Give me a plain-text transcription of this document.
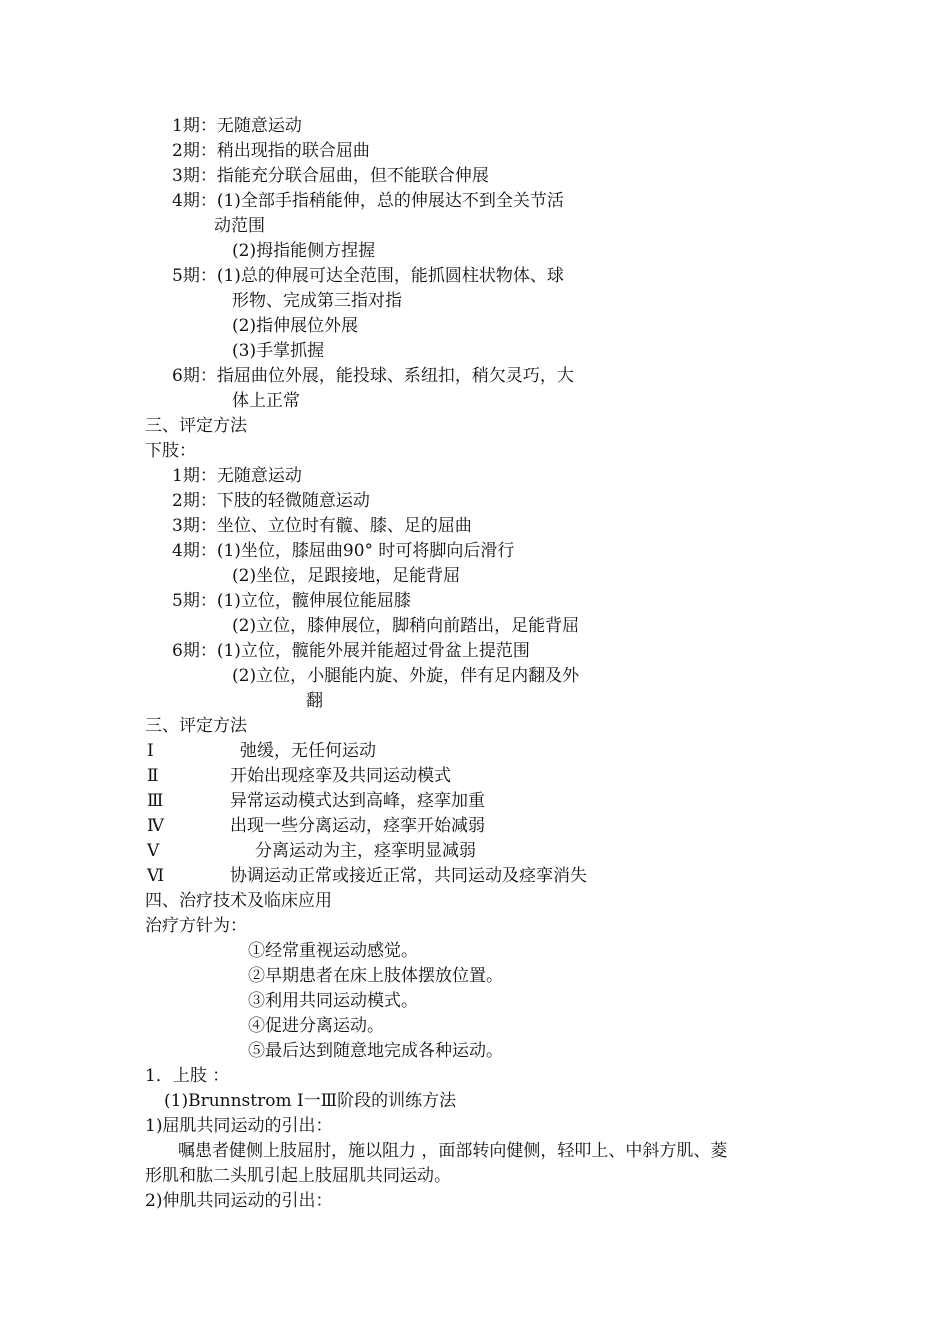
1期：无随意运动
2期：稍出现指的联合屈曲
3期：指能充分联合屈曲，但不能联合伸展
4期：(1)全部手指稍能伸，总的伸展达不到全关节活
动范围
(2)拇指能侧方捏握
5期：(1)总的伸展可达全范围，能抓圆柱状物体、球
形物、完成第三指对指
(2)指伸展位外展
(3)手掌抓握
6期：指屈曲位外展，能投球、系纽扣，稍欠灵巧，大
体上正常
三、评定方法
下肢：
1期：无随意运动
2期：下肢的轻微随意运动
3期：坐位、立位时有髋、膝、足的屈曲
4期：(1)坐位，膝屈曲90° 时可将脚向后滑行
(2)坐位，足跟接地，足能背屈
5期：(1)立位，髋伸展位能屈膝
(2)立位，膝伸展位，脚稍向前踏出，足能背屈
6期：(1)立位，髋能外展并能超过骨盆上提范围
(2)立位，小腿能内旋、外旋，伴有足内翻及外
翻
三、评定方法
Ⅰ	弛缓，无任何运动
Ⅱ	开始出现痉挛及共同运动模式
Ⅲ	异常运动模式达到高峰，痉挛加重
Ⅳ	出现一些分离运动，痉挛开始减弱
Ⅴ	分离运动为主，痉挛明显减弱
Ⅵ	协调运动正常或接近正常，共同运动及痉挛消失
四、治疗技术及临床应用
治疗方针为：
①经常重视运动感觉。
②早期患者在床上肢体摆放位置。
③利用共同运动模式。
④促进分离运动。
⑤最后达到随意地完成各种运动。
1．上肢 ：
(1)Brunnstrom Ⅰ一Ⅲ阶段的训练方法
1)屈肌共同运动的引出：
嘱患者健侧上肢屈肘，施以阻力 ，面部转向健侧，轻叩上、中斜方肌、菱
形肌和肱二头肌引起上肢屈肌共同运动。
2)伸肌共同运动的引出：
